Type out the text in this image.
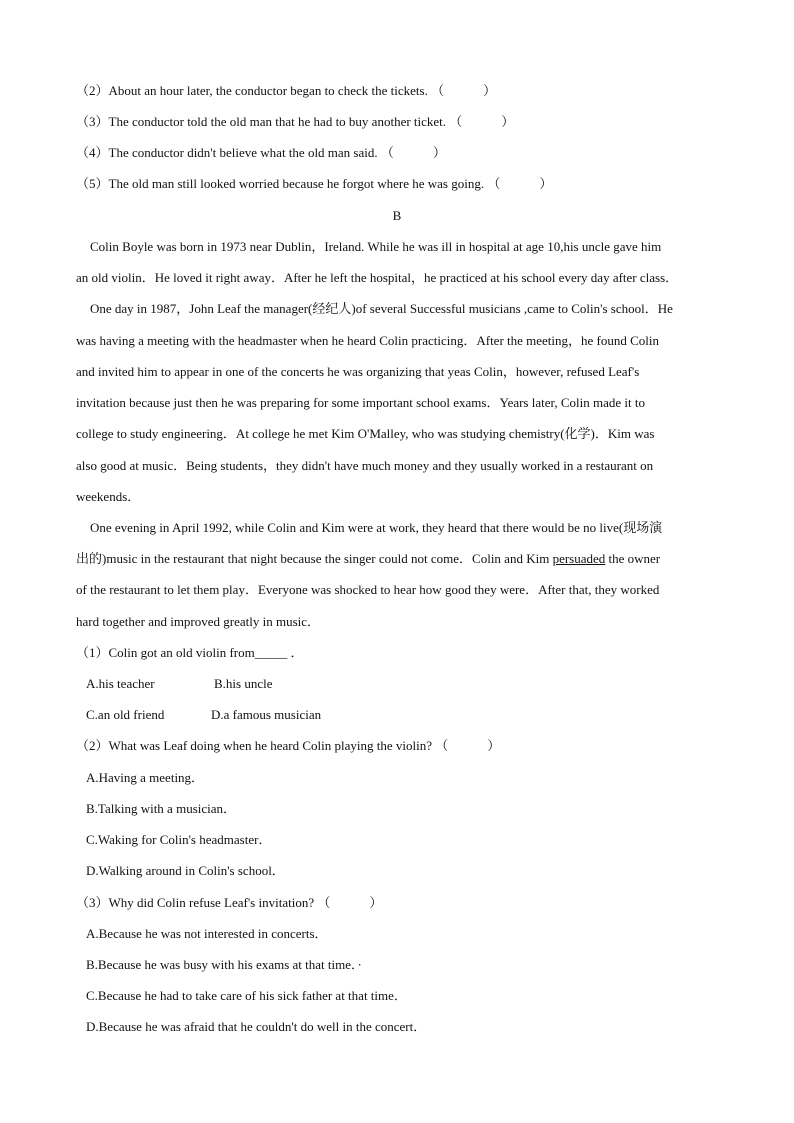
（2）About an hour later, the conductor began to check the tickets. （　　　）
（3）The conductor told the old man that he had to buy another ticket. （　　　）
（4）The conductor didn't believe what the old man said. （　　　）
（5）The old man still looked worried because he forgot where he was going. （　　　）
B
Colin Boyle was born in 1973 near Dublin，Ireland. While he was ill in hospital at age 10,his uncle gave him
an old violin．He loved it right away．After he left the hospital，he practiced at his school every day after class．
One day in 1987，John Leaf the manager(经纪人)of several Successful musicians ,came to Colin's school．He
was having a meeting with the headmaster when he heard Colin practicing．After the meeting，he found Colin
and invited him to appear in one of the concerts he was organizing that yeas Colin，however, refused Leaf's
invitation because just then he was preparing for some important school exams．Years later, Colin made it to
college to study engineering．At college he met Kim O'Malley, who was studying chemistry(化学)．Kim was
also good at music．Being students，they didn't have much money and they usually worked in a restaurant on
weekends．
One evening in April 1992, while Colin and Kim were at work, they heard that there would be no live(现场演
出的)music in the restaurant that night because the singer could not come．Colin and Kim persuaded the owner
of the restaurant to let them play．Everyone was shocked to hear how good they were．After that, they worked
hard together and improved greatly in music．
（1）Colin got an old violin from_____ ．
A.his teacher	B.his uncle
C.an old friend	D.a famous musician
（2）What was Leaf doing when he heard Colin playing the violin? （　　　）
A.Having a meeting．
B.Talking with a musician．
C.Waking for Colin's headmaster．
D.Walking around in Colin's school．
（3）Why did Colin refuse Leaf's invitation? （　　　）
A.Because he was not interested in concerts．
B.Because he was busy with his exams at that time．·
C.Because he had to take care of his sick father at that time．
D.Because he was afraid that he couldn't do well in the concert．
